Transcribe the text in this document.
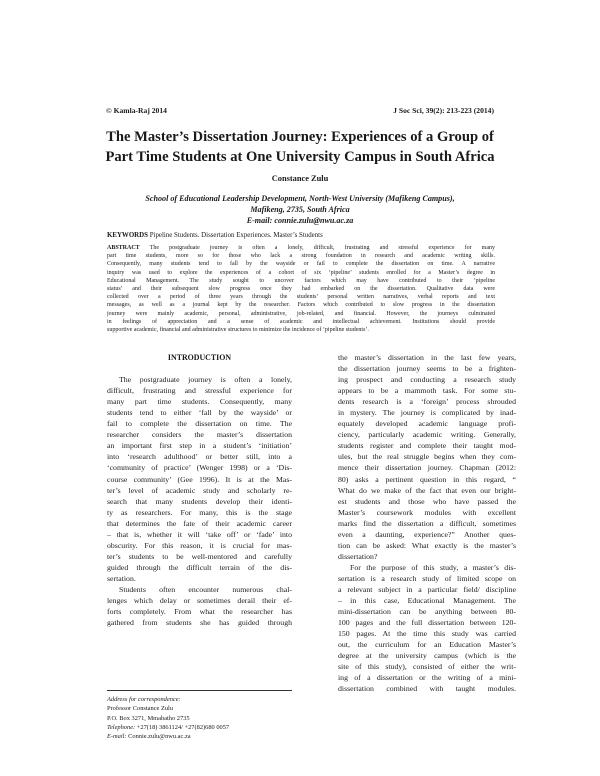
© Kamla-Raj 2014	J Soc Sci, 39(2): 213-223 (2014)
The Master’s Dissertation Journey: Experiences of a Group of
Part Time Students at One University Campus in South Africa

Constance Zulu

School of Educational Leadership Development, North-West University (Mafikeng Campus),
Mafikeng, 2735, South Africa
E-mail: connie.zulu@nwu.ac.za

KEYWORDS Pipeline Students. Dissertation Experiences. Master’s Students

ABSTRACT The postgraduate journey is often a lonely, difficult, frustrating and stressful experience for many
part time students, more so for those who lack a strong foundation in research and academic writing skills.
Consequently, many students tend to fall by the wayside or fail to complete the dissertation on time. A narrative
inquiry was used to explore the experiences of a cohort of six ‘pipeline’ students enrolled for a Master’s degree in
Educational Management. The study sought to uncover factors which may have contributed to their ‘pipeline
status’ and their subsequent slow progress once they had embarked on the dissertation. Qualitative data were
collected over a period of three years through the students’ personal written narratives, verbal reports and text
messages, as well as a journal kept by the researcher. Factors which contributed to slow progress in the dissertation
journey were mainly academic, personal, administrative, job-related, and financial. However, the journeys culminated
in feelings of appreciation and a sense of academic and intellectual achievement. Institutions should provide
supportive academic, financial and administrative structures to minimize the incidence of ‘pipeline students’.
INTRODUCTION
The postgraduate journey is often a lonely,
difficult, frustrating and stressful experience for
many part time students. Consequently, many
students tend to either ‘fall by the wayside’ or
fail to complete the dissertation on time. The
researcher considers the master’s dissertation
an important first step in a student’s ‘initiation’
into ‘research adulthood’ or better still, into a
‘community of practice’ (Wenger 1998) or a ‘Dis-
course community’ (Gee 1996). It is at the Mas-
ter’s level of academic study and scholarly re-
search that many students develop their identi-
ty as researchers. For many, this is the stage
that determines the fate of their academic career
– that is, whether it will ‘take off’ or ‘fade’ into
obscurity. For this reason, it is crucial for mas-
ter’s students to be well-mentored and carefully
guided through the difficult terrain of the dis-
sertation.
Students often encounter numerous chal-
lenges which delay or sometimes derail their ef-
forts completely. From what the researcher has
gathered from students she has guided through
the master’s dissertation in the last few years,
the dissertation journey seems to be a frighten-
ing prospect and conducting a research study
appears to be a mammoth task. For some stu-
dents research is a ‘foreign’ process shrouded
in mystery. The journey is complicated by inad-
equately developed academic language profi-
ciency, particularly academic writing. Generally,
students register and complete their taught mod-
ules, but the real struggle begins when they com-
mence their dissertation journey. Chapman (2012:
80) asks a pertinent question in this regard, “
What do we make of the fact that even our bright-
est students and those who have passed the
Master’s coursework modules with excellent
marks find the dissertation a difficult, sometimes
even a daunting, experience?” Another ques-
tion can be asked: What exactly is the master’s
dissertation?
For the purpose of this study, a master’s dis-
sertation is a research study of limited scope on
a relevant subject in a particular field/ discipline
– in this case, Educational Management. The
mini-dissertation can be anything between 80-
100 pages and the full dissertation between 120-
150 pages. At the time this study was carried
out, the curriculum for an Education Master’s
degree at the university campus (which is the
site of this study), consisted of either the writ-
ing of a dissertation or the writing of a mini-
dissertation combined with taught modules.
Address for correspondence:
Professor Constance Zulu
P.O. Box 3271, Mmabatho 2735
Telephone: +27(18) 3861124/ +27(82)680 0057
E-mail: Connie.zulu@nwu.ac.za
